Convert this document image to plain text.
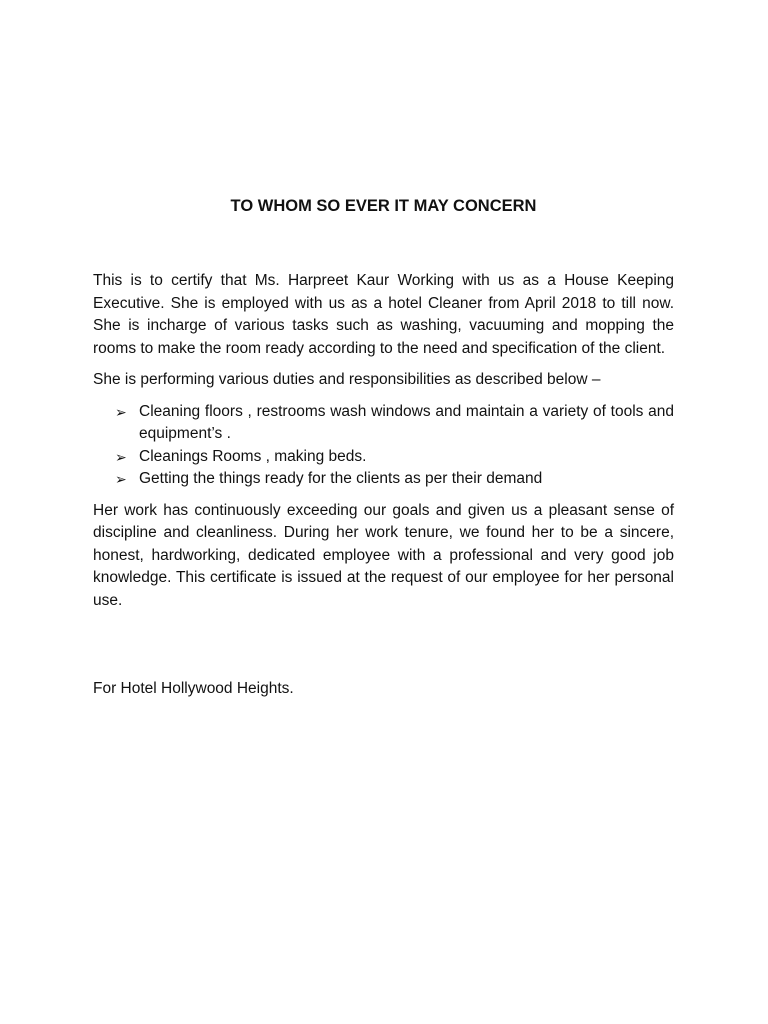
TO WHOM SO EVER IT MAY CONCERN

This is to certify that Ms. Harpreet Kaur Working with us as a House Keeping Executive. She is employed with us as a hotel Cleaner from April 2018 to till now. She is incharge of various tasks such as washing, vacuuming and mopping the rooms to make the room ready according to the need and specification of the client.

She is performing various duties and responsibilities as described below –

➢ Cleaning floors , restrooms wash windows and maintain a variety of tools and equipment’s .
➢ Cleanings Rooms , making beds.
➢ Getting the things ready for the clients as per their demand

Her work has continuously exceeding our goals and given us a pleasant sense of discipline and cleanliness. During her work tenure, we found her to be a sincere, honest, hardworking, dedicated employee with a professional and very good job knowledge. This certificate is issued at the request of our employee for her personal use.

For Hotel Hollywood Heights.
